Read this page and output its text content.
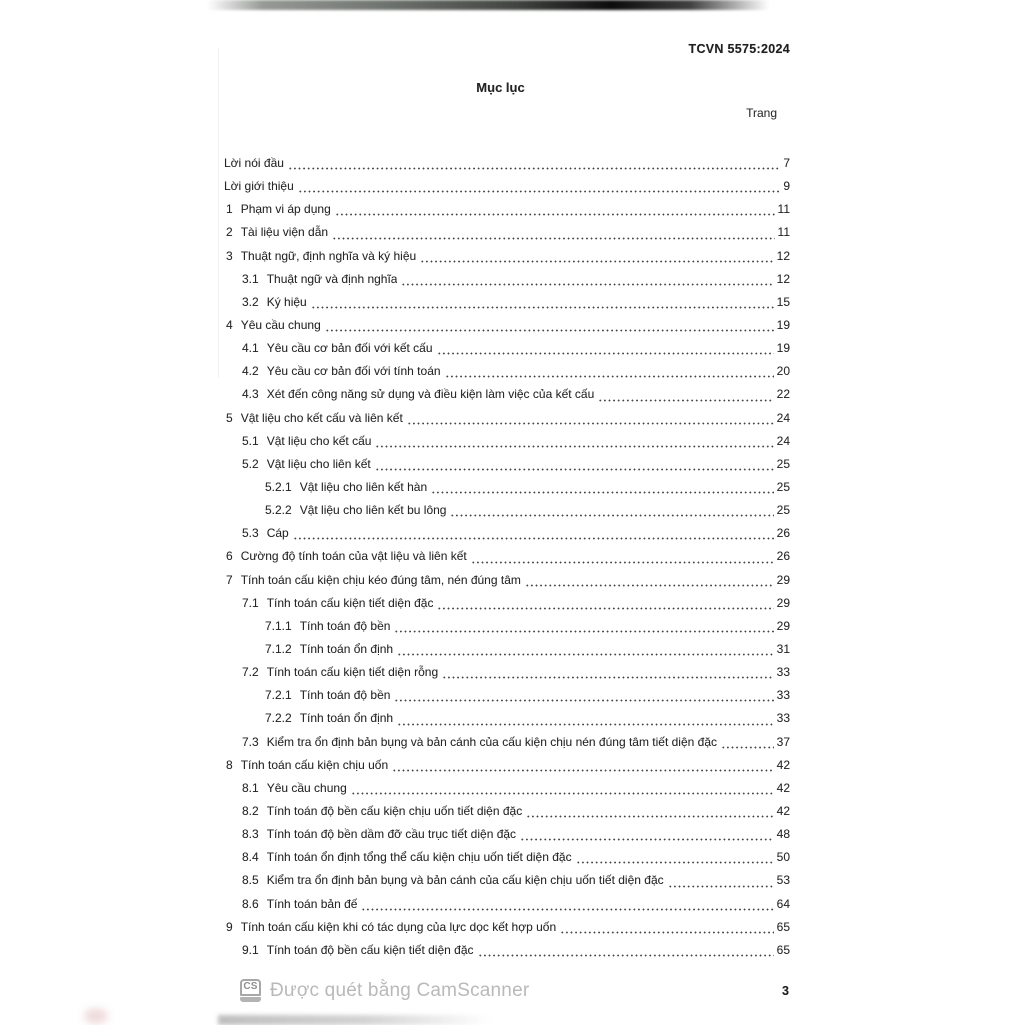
TCVN 5575:2024
Mục lục
Trang
Lời nói đầu	7
Lời giới thiệu	9
1 Phạm vi áp dụng	11
2 Tài liệu viện dẫn	11
3 Thuật ngữ, định nghĩa và ký hiệu	12
3.1 Thuật ngữ và định nghĩa	12
3.2 Ký hiệu	15
4 Yêu cầu chung	19
4.1 Yêu cầu cơ bản đối với kết cấu	19
4.2 Yêu cầu cơ bản đối với tính toán	20
4.3 Xét đến công năng sử dụng và điều kiện làm việc của kết cấu	22
5 Vật liệu cho kết cấu và liên kết	24
5.1 Vật liệu cho kết cấu	24
5.2 Vật liệu cho liên kết	25
5.2.1 Vật liệu cho liên kết hàn	25
5.2.2 Vật liệu cho liên kết bu lông	25
5.3 Cáp	26
6 Cường độ tính toán của vật liệu và liên kết	26
7 Tính toán cấu kiện chịu kéo đúng tâm, nén đúng tâm	29
7.1 Tính toán cấu kiện tiết diện đặc	29
7.1.1 Tính toán độ bền	29
7.1.2 Tính toán ổn định	31
7.2 Tính toán cấu kiện tiết diện rỗng	33
7.2.1 Tính toán độ bền	33
7.2.2 Tính toán ổn định	33
7.3 Kiểm tra ổn định bản bụng và bản cánh của cấu kiện chịu nén đúng tâm tiết diện đặc	37
8 Tính toán cấu kiện chịu uốn	42
8.1 Yêu cầu chung	42
8.2 Tính toán độ bền cấu kiện chịu uốn tiết diện đặc	42
8.3 Tính toán độ bền dầm đỡ cầu trục tiết diện đặc	48
8.4 Tính toán ổn định tổng thể cấu kiện chịu uốn tiết diện đặc	50
8.5 Kiểm tra ổn định bản bụng và bản cánh của cấu kiện chịu uốn tiết diện đặc	53
8.6 Tính toán bản đế	64
9 Tính toán cấu kiện khi có tác dụng của lực dọc kết hợp uốn	65
9.1 Tính toán độ bền cấu kiện tiết diện đặc	65
CS Được quét bằng CamScanner	3
